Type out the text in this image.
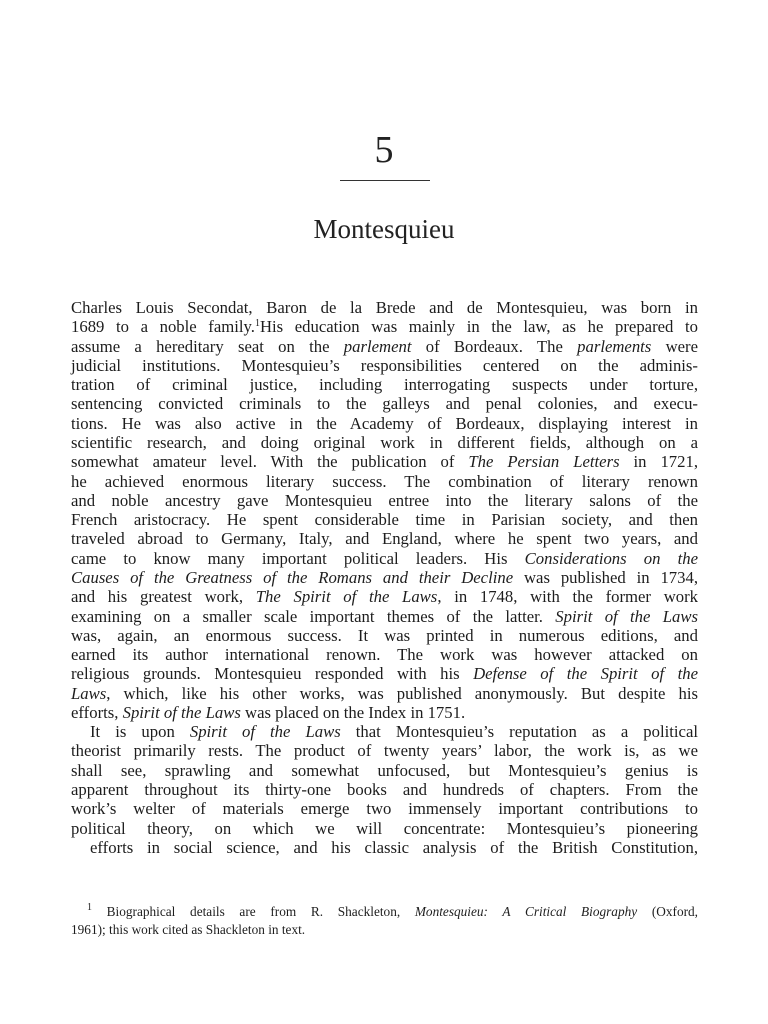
5
Montesquieu

Charles Louis Secondat, Baron de la Brede and de Montesquieu, was born in

1689 to a noble family.$^1$His education was mainly in the law, as he prepared to

assume a hereditary seat on the parlement of Bordeaux. The parlements were

judicial institutions. Montesquieu’s responsibilities centered on the adminis-

tration of criminal justice, including interrogating suspects under torture,

sentencing convicted criminals to the galleys and penal colonies, and execu-

tions. He was also active in the Academy of Bordeaux, displaying interest in

scientific research, and doing original work in different fields, although on a

somewhat amateur level. With the publication of The Persian Letters in 1721,

he achieved enormous literary success. The combination of literary renown

and noble ancestry gave Montesquieu entree into the literary salons of the

French aristocracy. He spent considerable time in Parisian society, and then

traveled abroad to Germany, Italy, and England, where he spent two years, and

came to know many important political leaders. His Considerations on the

Causes of the Greatness of the Romans and their Decline was published in 1734,

and his greatest work, The Spirit of the Laws, in 1748, with the former work

examining on a smaller scale important themes of the latter. Spirit of the Laws

was, again, an enormous success. It was printed in numerous editions, and

earned its author international renown. The work was however attacked on

religious grounds. Montesquieu responded with his Defense of the Spirit of the

Laws, which, like his other works, was published anonymously. But despite his

efforts, Spirit of the Laws was placed on the Index in 1751.

It is upon Spirit of the Laws that Montesquieu’s reputation as a political

theorist primarily rests. The product of twenty years’ labor, the work is, as we

shall see, sprawling and somewhat unfocused, but Montesquieu’s genius is

apparent throughout its thirty-one books and hundreds of chapters. From the

work’s welter of materials emerge two immensely important contributions to

political theory, on which we will concentrate: Montesquieu’s pioneering

efforts in social science, and his classic analysis of the British Constitution,

$^1$ Biographical details are from R. Shackleton, Montesquieu: A Critical Biography (Oxford,

1961); this work cited as Shackleton in text.
